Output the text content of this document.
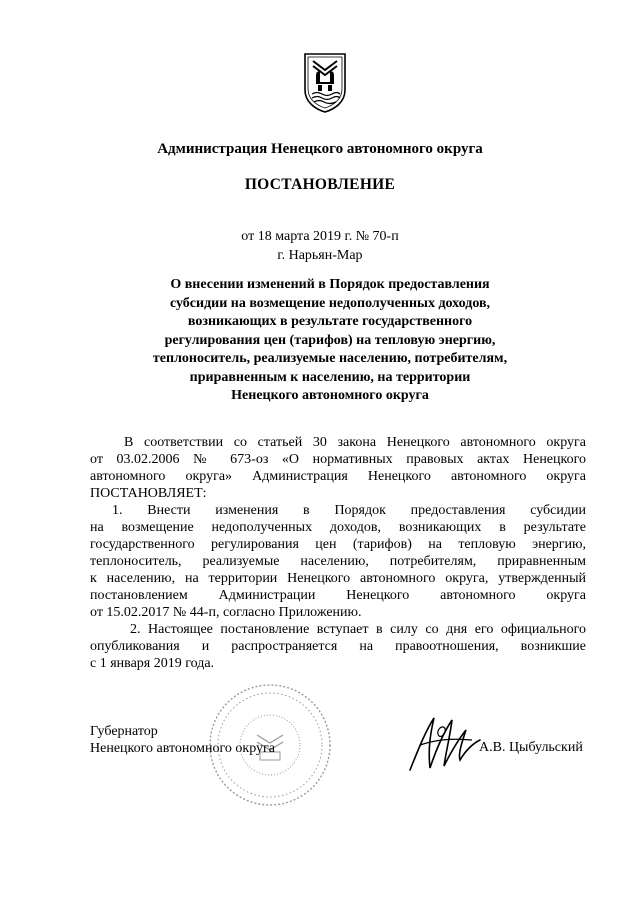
Администрация Ненецкого автономного округа
ПОСТАНОВЛЕНИЕ
от 18 марта 2019 г. № 70-п
г. Нарьян-Мар
О внесении изменений в Порядок предоставления
субсидии на возмещение недополученных доходов,
возникающих в результате государственного
регулирования цен (тарифов) на тепловую энергию,
теплоноситель, реализуемые населению, потребителям,
приравненным к населению, на территории
Ненецкого автономного округа
В соответствии со статьей 30 закона Ненецкого автономного округа
от 03.02.2006 № 673-оз «О нормативных правовых актах Ненецкого
автономного округа» Администрация Ненецкого автономного округа
ПОСТАНОВЛЯЕТ:
1. Внести изменения в Порядок предоставления субсидии
на возмещение недополученных доходов, возникающих в результате
государственного регулирования цен (тарифов) на тепловую энергию,
теплоноситель, реализуемые населению, потребителям, приравненным
к населению, на территории Ненецкого автономного округа, утвержденный
постановлением Администрации Ненецкого автономного округа
от 15.02.2017 № 44-п, согласно Приложению.
2. Настоящее постановление вступает в силу со дня его официального
опубликования и распространяется на правоотношения, возникшие
с 1 января 2019 года.
Губернатор
Ненецкого автономного округа	А.В. Цыбульский
